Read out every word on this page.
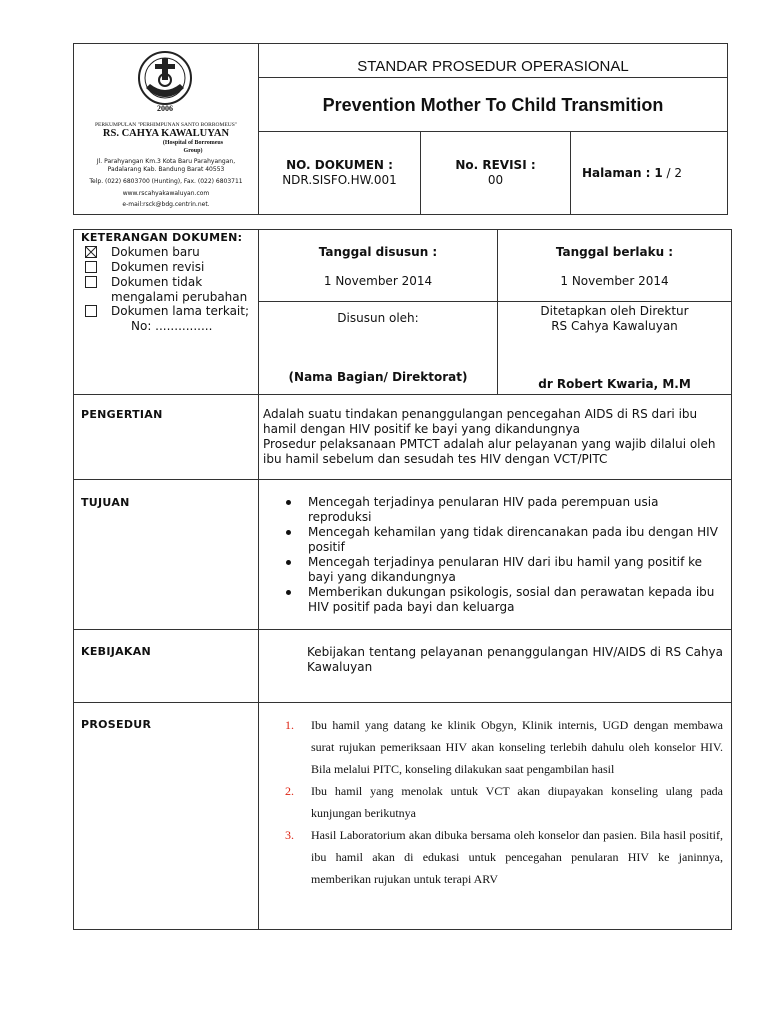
2006
PERKUMPULAN "PERHIMPUNAN SANTO BORROMEUS"
RS. CAHYA KAWALUYAN
(Hospital of Borromeus Group)
Jl. Parahyangan Km.3 Kota Baru Parahyangan,
Padalarang Kab. Bandung Barat 40553
Telp. (022) 6803700 (Hunting), Fax. (022) 6803711
www.rscahyakawaluyan.com
e-mail:rsck@bdg.centrin.net.
STANDAR PROSEDUR OPERASIONAL
Prevention Mother To Child Transmition
NO. DOKUMEN :
NDR.SISFO.HW.001
No. REVISI :
00	Halaman : 1 / 2
KETERANGAN DOKUMEN:
Dokumen baru
Dokumen revisi
Dokumen tidak
mengalami perubahan
Dokumen lama terkait;
No: ...............
Tanggal disusun :
1 November 2014
Tanggal berlaku :
1 November 2014
Disusun oleh:	Ditetapkan oleh Direktur
RS Cahya Kawaluyan
(Nama Bagian/ Direktorat)	dr Robert Kwaria, M.M
PENGERTIAN	Adalah suatu tindakan penanggulangan pencegahan AIDS di RS dari ibu hamil dengan HIV positif ke bayi yang dikandungnya
Prosedur pelaksanaan PMTCT adalah alur pelayanan yang wajib dilalui oleh ibu hamil sebelum dan sesudah tes HIV dengan VCT/PITC
TUJUAN	Mencegah terjadinya penularan HIV pada perempuan usia reproduksi
Mencegah kehamilan yang tidak direncanakan pada ibu dengan HIV positif
Mencegah terjadinya penularan HIV dari ibu hamil yang positif ke bayi yang dikandungnya
Memberikan dukungan psikologis, sosial dan perawatan kepada ibu HIV positif pada bayi dan keluarga
KEBIJAKAN	Kebijakan tentang pelayanan penanggulangan HIV/AIDS di RS Cahya Kawaluyan
PROSEDUR	1. Ibu hamil yang datang ke klinik Obgyn, Klinik internis, UGD dengan membawa surat rujukan pemeriksaan HIV akan konseling terlebih dahulu oleh konselor HIV. Bila melalui PITC, konseling dilakukan saat pengambilan hasil
2. Ibu hamil yang menolak untuk VCT akan diupayakan konseling ulang pada kunjungan berikutnya
3. Hasil Laboratorium akan dibuka bersama oleh konselor dan pasien. Bila hasil positif, ibu hamil akan di edukasi untuk pencegahan penularan HIV ke janinnya, memberikan rujukan untuk terapi ARV
